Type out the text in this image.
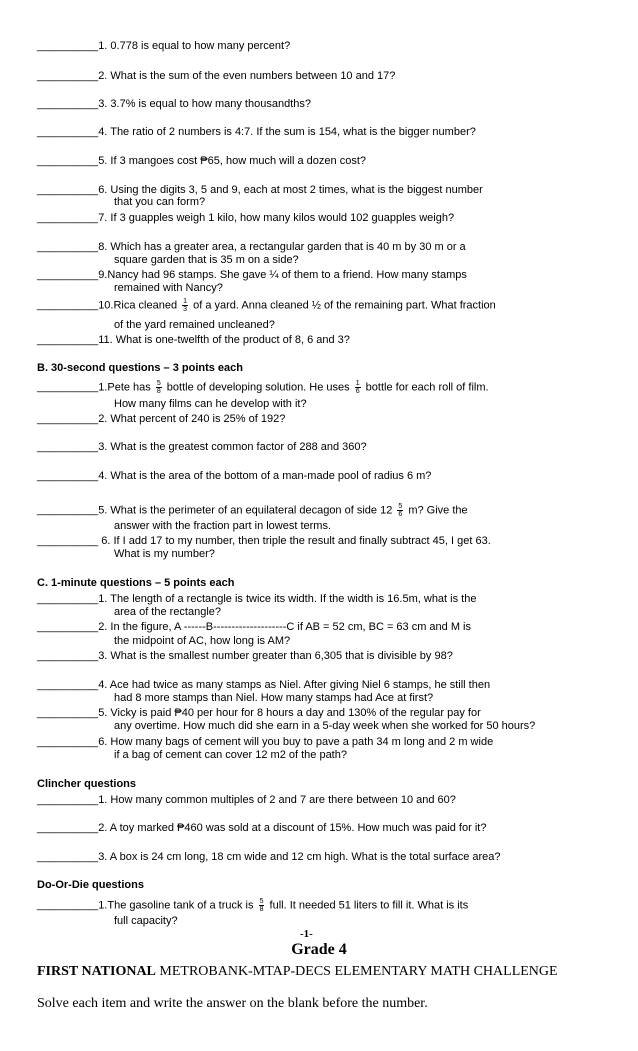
__________1. 0.778 is equal to how many percent?
__________2. What is the sum of the even numbers between 10 and 17?
__________3. 3.7% is equal to how many thousandths?
__________4. The ratio of 2 numbers is 4:7. If the sum is 154, what is the bigger number?
__________5. If 3 mangoes cost ₱65, how much will a dozen cost?
__________6. Using the digits 3, 5 and 9, each at most 2 times, what is the biggest number
that you can form?
__________7. If 3 guapples weigh 1 kilo, how many kilos would 102 guapples weigh?
__________8. Which has a greater area, a rectangular garden that is 40 m by 30 m or a
square garden that is 35 m on a side?
__________9.Nancy had 96 stamps. She gave ¼ of them to a friend. How many stamps
remained with Nancy?
__________10.Rica cleaned $\frac{1}{3}$ of a yard. Anna cleaned ½ of the remaining part. What fraction
of the yard remained uncleaned?
__________11. What is one-twelfth of the product of 8, 6 and 3?
B. 30-second questions – 3 points each
__________1.Pete has $\frac{5}{8}$ bottle of developing solution. He uses $\frac{1}{6}$ bottle for each roll of film.
How many films can he develop with it?
__________2. What percent of 240 is 25% of 192?
__________3. What is the greatest common factor of 288 and 360?
__________4. What is the area of the bottom of a man-made pool of radius 6 m?
__________5. What is the perimeter of an equilateral decagon of side $12 \frac{5}{6} m$? Give the
answer with the fraction part in lowest terms.
__________ 6. If I add 17 to my number, then triple the result and finally subtract 45, I get 63.
What is my number?
C. 1-minute questions – 5 points each
__________1. The length of a rectangle is twice its width. If the width is 16.5m, what is the
area of the rectangle?
__________2. In the figure, A ------B--------------------C if AB = 52 cm, BC = 63 cm and M is
the midpoint of AC, how long is AM?
__________3. What is the smallest number greater than 6,305 that is divisible by 98?
__________4. Ace had twice as many stamps as Niel. After giving Niel 6 stamps, he still then
had 8 more stamps than Niel. How many stamps had Ace at first?
__________5. Vicky is paid ₱40 per hour for 8 hours a day and 130% of the regular pay for
any overtime. How much did she earn in a 5-day week when she worked for 50 hours?
__________6. How many bags of cement will you buy to pave a path 34 m long and 2 m wide
if a bag of cement can cover 12 m2 of the path?
Clincher questions
__________1. How many common multiples of 2 and 7 are there between 10 and 60?
__________2. A toy marked ₱460 was sold at a discount of 15%. How much was paid for it?
__________3. A box is 24 cm long, 18 cm wide and 12 cm high. What is the total surface area?
Do-Or-Die questions
__________1.The gasoline tank of a truck is $\frac{5}{8}$ full. It needed 51 liters to fill it. What is its
full capacity?
-1-
Grade 4
FIRST NATIONAL METROBANK-MTAP-DECS ELEMENTARY MATH CHALLENGE
Solve each item and write the answer on the blank before the number.
